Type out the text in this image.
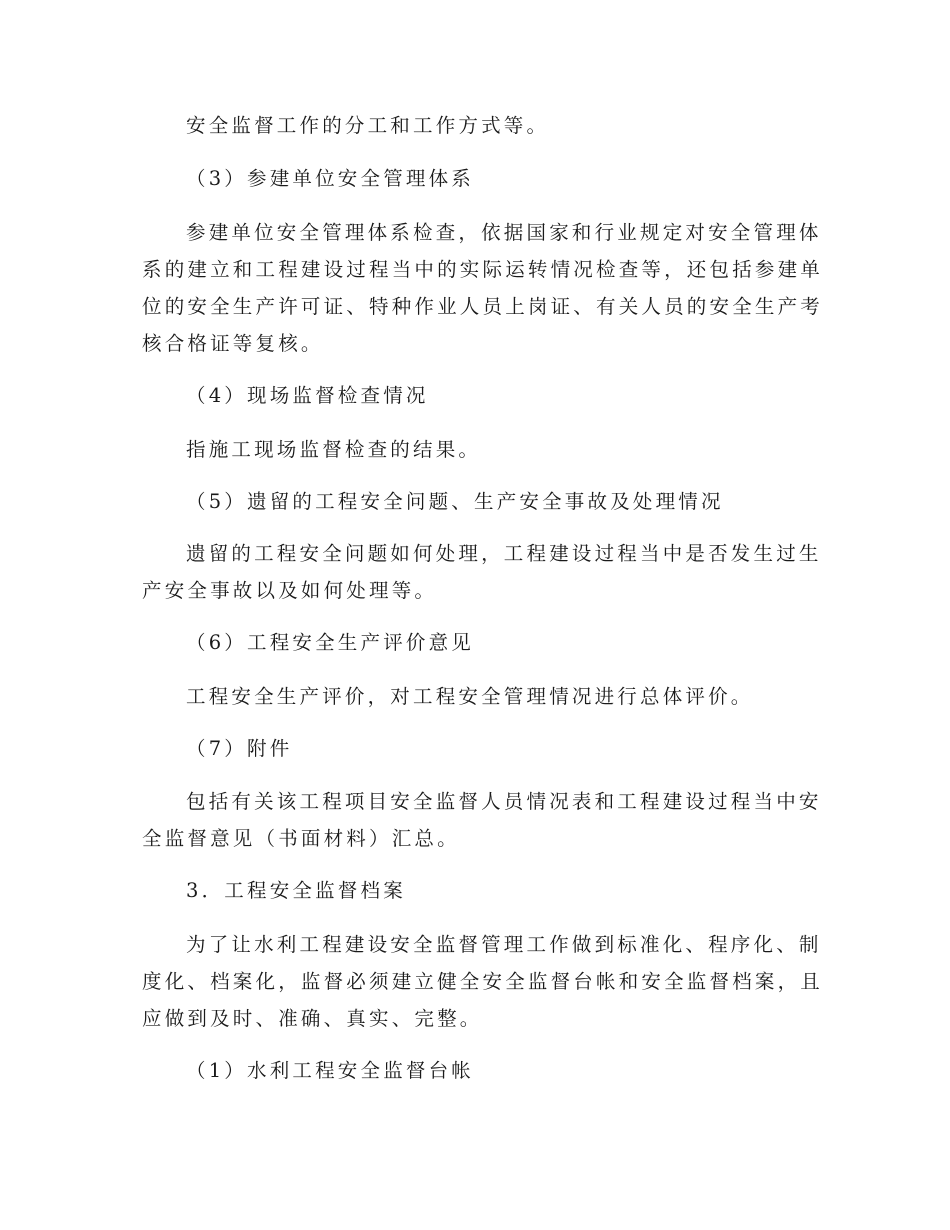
安全监督工作的分工和工作方式等。
（3）参建单位安全管理体系
参建单位安全管理体系检查，依据国家和行业规定对安全管理体
系的建立和工程建设过程当中的实际运转情况检查等，还包括参建单
位的安全生产许可证、特种作业人员上岗证、有关人员的安全生产考
核合格证等复核。
（4）现场监督检查情况
指施工现场监督检查的结果。
（5）遗留的工程安全问题、生产安全事故及处理情况
遗留的工程安全问题如何处理，工程建设过程当中是否发生过生
产安全事故以及如何处理等。
（6）工程安全生产评价意见
工程安全生产评价，对工程安全管理情况进行总体评价。
（7）附件
包括有关该工程项目安全监督人员情况表和工程建设过程当中安
全监督意见（书面材料）汇总。
3．工程安全监督档案
为了让水利工程建设安全监督管理工作做到标准化、程序化、制
度化、档案化，监督必须建立健全安全监督台帐和安全监督档案，且
应做到及时、准确、真实、完整。
（1）水利工程安全监督台帐
